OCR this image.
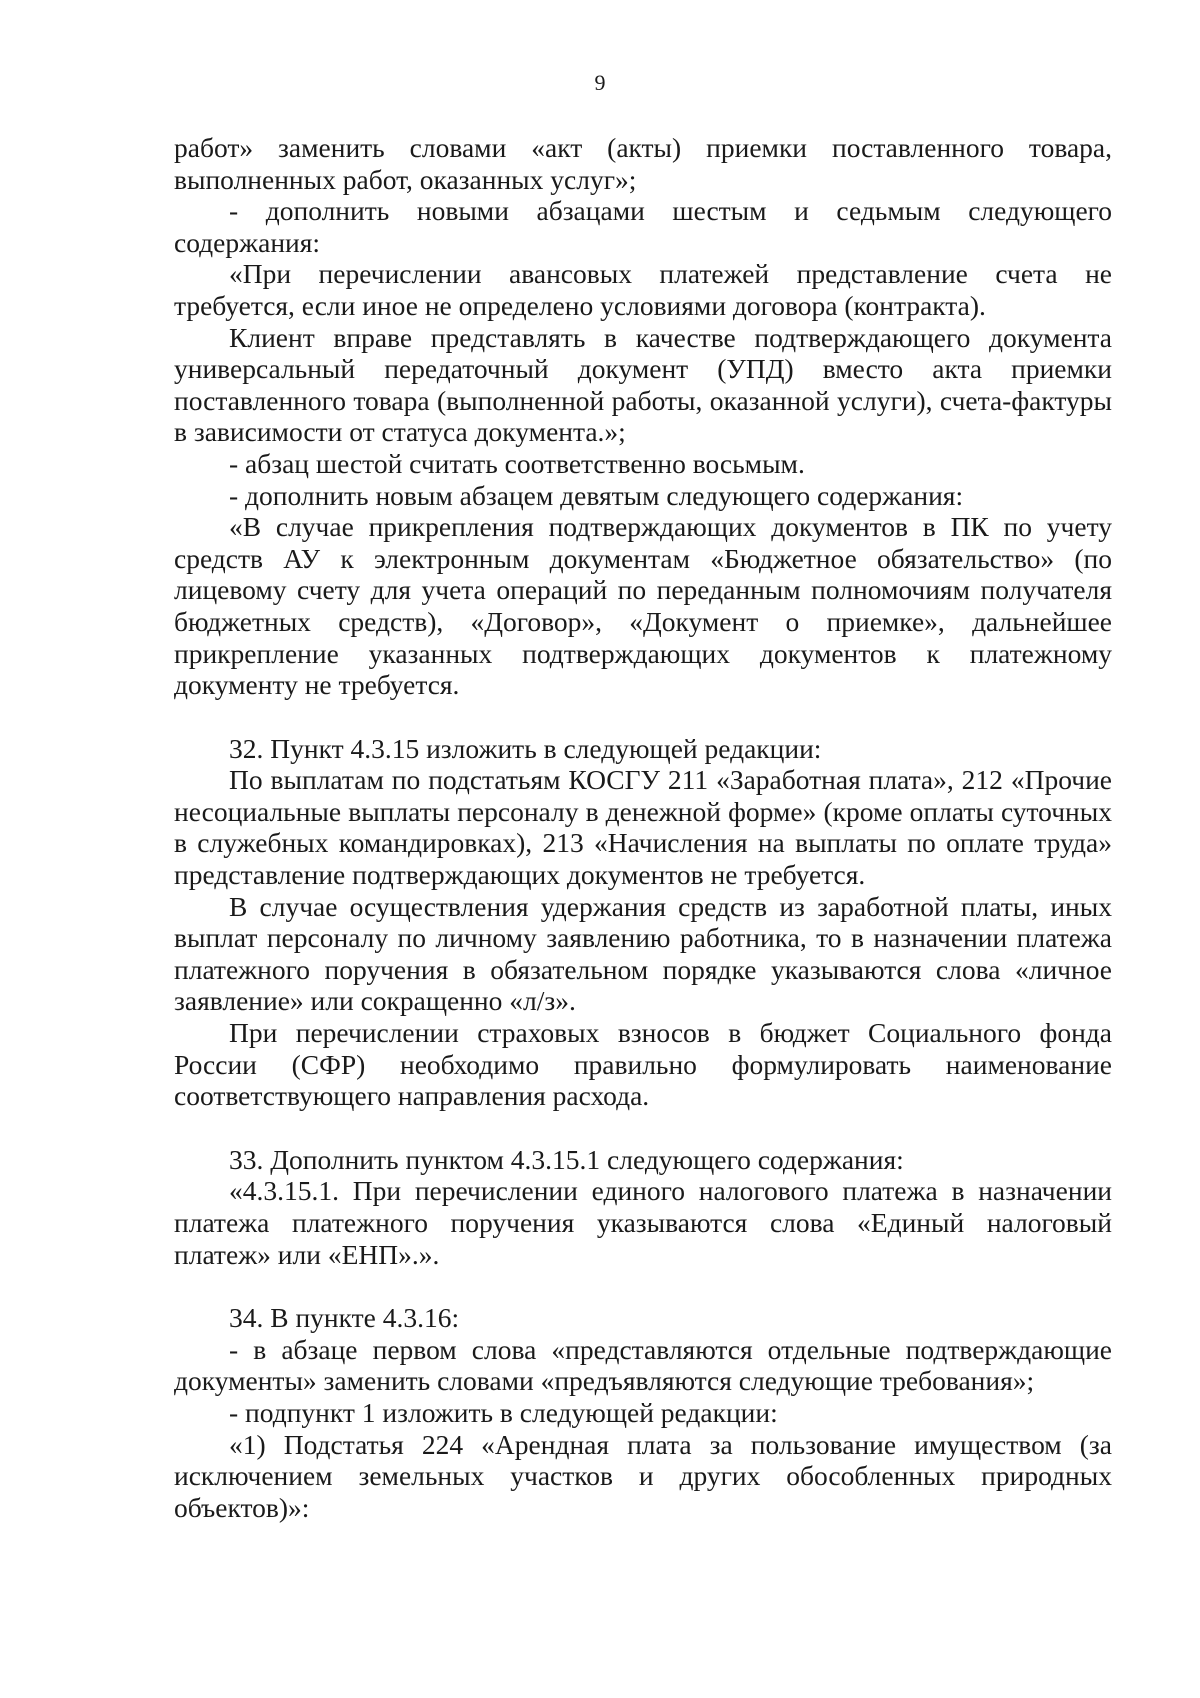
9

работ» заменить словами «акт (акты) приемки поставленного товара, выполненных работ, оказанных услуг»;

- дополнить новыми абзацами шестым и седьмым следующего содержания:

«При перечислении авансовых платежей представление счета не требуется, если иное не определено условиями договора (контракта).

Клиент вправе представлять в качестве подтверждающего документа универсальный передаточный документ (УПД) вместо акта приемки поставленного товара (выполненной работы, оказанной услуги), счета-фактуры в зависимости от статуса документа.»;

- абзац шестой считать соответственно восьмым.

- дополнить новым абзацем девятым следующего содержания:

«В случае прикрепления подтверждающих документов в ПК по учету средств АУ к электронным документам «Бюджетное обязательство» (по лицевому счету для учета операций по переданным полномочиям получателя бюджетных средств), «Договор», «Документ о приемке», дальнейшее прикрепление указанных подтверждающих документов к платежному документу не требуется.

32. Пункт 4.3.15 изложить в следующей редакции:

По выплатам по подстатьям КОСГУ 211 «Заработная плата», 212 «Прочие несоциальные выплаты персоналу в денежной форме» (кроме оплаты суточных в служебных командировках), 213 «Начисления на выплаты по оплате труда» представление подтверждающих документов не требуется.

В случае осуществления удержания средств из заработной платы, иных выплат персоналу по личному заявлению работника, то в назначении платежа платежного поручения в обязательном порядке указываются слова «личное заявление» или сокращенно «л/з».

При перечислении страховых взносов в бюджет Социального фонда России (СФР) необходимо правильно формулировать наименование соответствующего направления расхода.

33. Дополнить пунктом 4.3.15.1 следующего содержания:

«4.3.15.1. При перечислении единого налогового платежа в назначении платежа платежного поручения указываются слова «Единый налоговый платеж» или «ЕНП».».

34. В пункте 4.3.16:

- в абзаце первом слова «представляются отдельные подтверждающие документы» заменить словами «предъявляются следующие требования»;

- подпункт 1 изложить в следующей редакции:

«1) Подстатья 224 «Арендная плата за пользование имуществом (за исключением земельных участков и других обособленных природных объектов)»:
